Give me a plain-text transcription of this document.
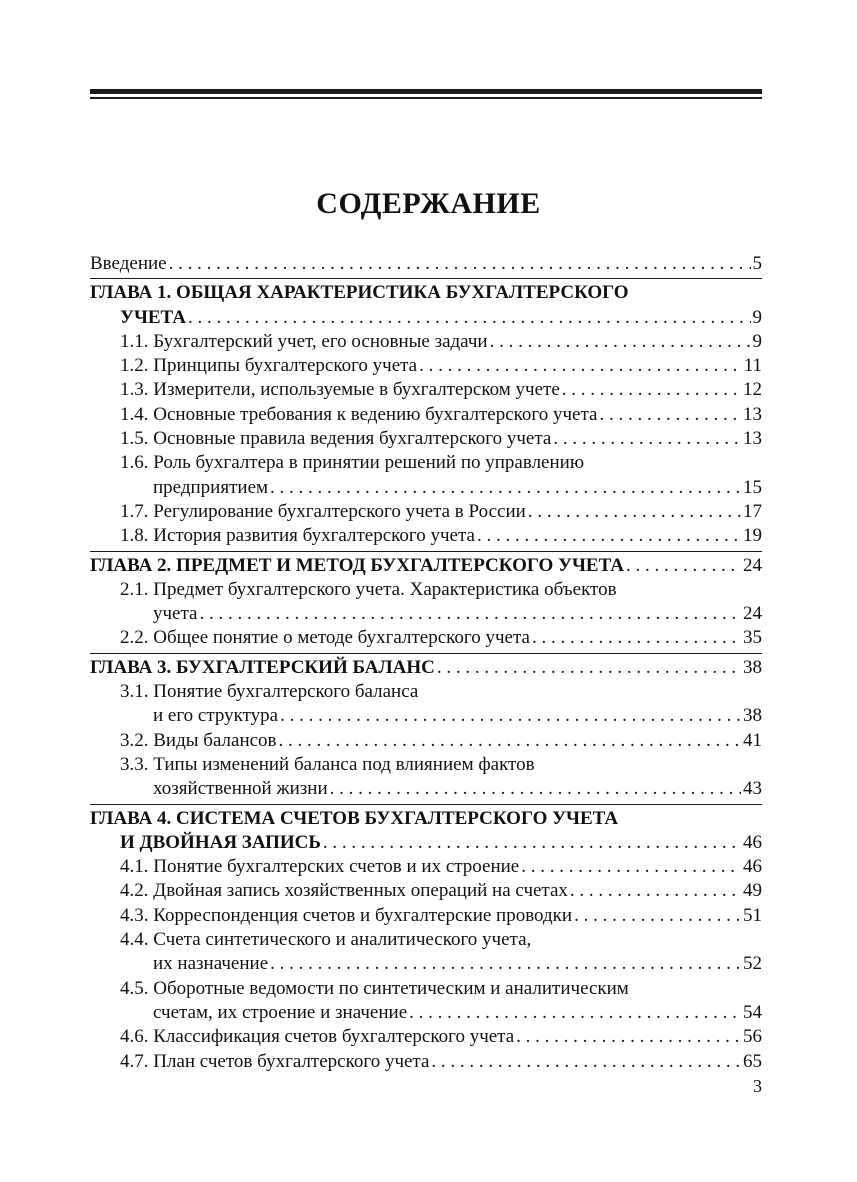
СОДЕРЖАНИЕ
Введение . . .	5
ГЛАВА 1. ОБЩАЯ ХАРАКТЕРИСТИКА БУХГАЛТЕРСКОГО
УЧЕТА . . .	9
1.1. Бухгалтерский учет, его основные задачи . . .	9
1.2. Принципы бухгалтерского учета . . .	11
1.3. Измерители, используемые в бухгалтерском учете . . .	12
1.4. Основные требования к ведению бухгалтерского учета . . .	13
1.5. Основные правила ведения бухгалтерского учета . . .	13
1.6. Роль бухгалтера в принятии решений по управлению
предприятием . . .	15
1.7. Регулирование бухгалтерского учета в России . . .	17
1.8. История развития бухгалтерского учета . . .	19
ГЛАВА 2. ПРЕДМЕТ И МЕТОД БУХГАЛТЕРСКОГО УЧЕТА . . .	24
2.1. Предмет бухгалтерского учета. Характеристика объектов
учета . . .	24
2.2. Общее понятие о методе бухгалтерского учета . . .	35
ГЛАВА 3. БУХГАЛТЕРСКИЙ БАЛАНС . . .	38
3.1. Понятие бухгалтерского баланса
и его структура . . .	38
3.2. Виды балансов . . .	41
3.3. Типы изменений баланса под влиянием фактов
хозяйственной жизни . . .	43
ГЛАВА 4. СИСТЕМА СЧЕТОВ БУХГАЛТЕРСКОГО УЧЕТА
И ДВОЙНАЯ ЗАПИСЬ . . .	46
4.1. Понятие бухгалтерских счетов и их строение . . .	46
4.2. Двойная запись хозяйственных операций на счетах . . .	49
4.3. Корреспонденция счетов и бухгалтерские проводки . . .	51
4.4. Счета синтетического и аналитического учета,
их назначение . . .	52
4.5. Оборотные ведомости по синтетическим и аналитическим
счетам, их строение и значение . . .	54
4.6. Классификация счетов бухгалтерского учета . . .	56
4.7. План счетов бухгалтерского учета . . .	65
3
